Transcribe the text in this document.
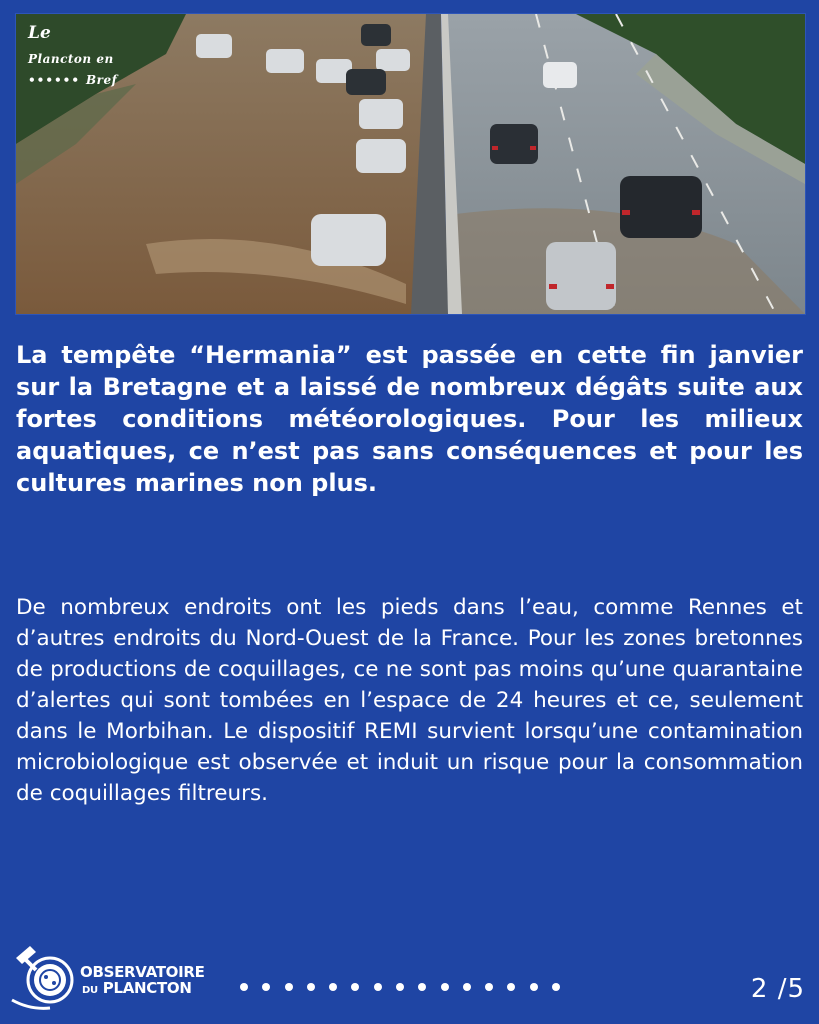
Le
Plancton en
•••••• Bref

La tempête “Hermania” est passée en cette fin janvier sur la Bretagne et a laissé de nombreux dégâts suite aux fortes conditions météorologiques. Pour les milieux aquatiques, ce n’est pas sans conséquences et pour les cultures marines non plus.

De nombreux endroits ont les pieds dans l’eau, comme Rennes et d’autres endroits du Nord-Ouest de la France. Pour les zones bretonnes de productions de coquillages, ce ne sont pas moins qu’une quarantaine d’alertes qui sont tombées en l’espace de 24 heures et ce, seulement dans le Morbihan. Le dispositif REMI survient lorsqu’une contamination microbiologique est observée et induit un risque pour la consommation de coquillages filtreurs.

OBSERVATOIRE
DU PLANCTON	2 /5
